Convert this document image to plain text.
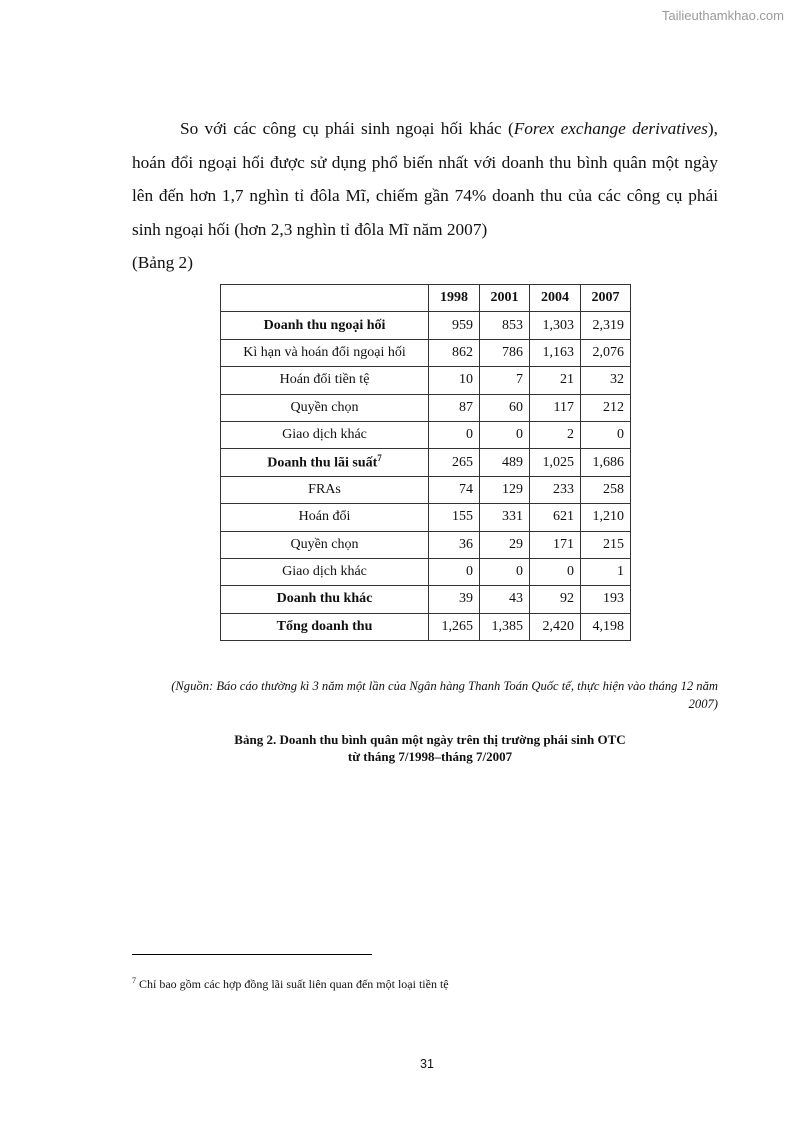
Tailieuthamkhao.com

So với các công cụ phái sinh ngoại hối khác (Forex exchange derivatives), hoán đổi ngoại hối được sử dụng phổ biến nhất với doanh thu bình quân một ngày lên đến hơn 1,7 nghìn tỉ đôla Mĩ, chiếm gần 74% doanh thu của các công cụ phái sinh ngoại hối (hơn 2,3 nghìn tỉ đôla Mĩ năm 2007)
(Bảng 2)

	1998	2001	2004	2007
Doanh thu ngoại hối	959	853	1,303	2,319
Kì hạn và hoán đổi ngoại hối	862	786	1,163	2,076
Hoán đổi tiền tệ	10	7	21	32
Quyền chọn	87	60	117	212
Giao dịch khác	0	0	2	0
Doanh thu lãi suất$^7$	265	489	1,025	1,686
FRAs	74	129	233	258
Hoán đổi	155	331	621	1,210
Quyền chọn	36	29	171	215
Giao dịch khác	0	0	0	1
Doanh thu khác	39	43	92	193
Tổng doanh thu	1,265	1,385	2,420	4,198

(Nguồn: Báo cáo thường kì 3 năm một lần của Ngân hàng Thanh Toán Quốc tế, thực hiện vào tháng 12 năm 2007)

Bảng 2. Doanh thu bình quân một ngày trên thị trường phái sinh OTC
từ tháng 7/1998–tháng 7/2007
$^7$ Chỉ bao gồm các hợp đồng lãi suất liên quan đến một loại tiền tệ
31
